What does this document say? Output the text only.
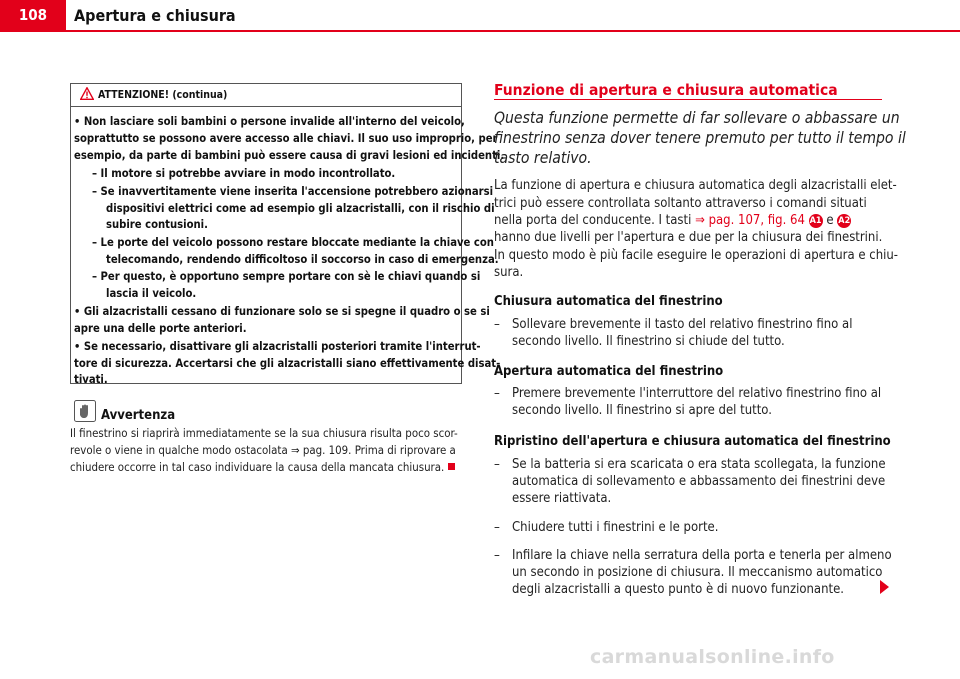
108	Apertura e chiusura
ATTENZIONE! (continua)
• Non lasciare soli bambini o persone invalide all'interno del veicolo,
soprattutto se possono avere accesso alle chiavi. Il suo uso improprio, per
esempio, da parte di bambini può essere causa di gravi lesioni ed incidenti.
– Il motore si potrebbe avviare in modo incontrollato.
– Se inavvertitamente viene inserita l'accensione potrebbero azionarsi
dispositivi elettrici come ad esempio gli alzacristalli, con il rischio di
subire contusioni.
– Le porte del veicolo possono restare bloccate mediante la chiave con
telecomando, rendendo difficoltoso il soccorso in caso di emergenza.
– Per questo, è opportuno sempre portare con sè le chiavi quando si
lascia il veicolo.
• Gli alzacristalli cessano di funzionare solo se si spegne il quadro o se si
apre una delle porte anteriori.
• Se necessario, disattivare gli alzacristalli posteriori tramite l'interrut-
tore di sicurezza. Accertarsi che gli alzacristalli siano effettivamente disat-
tivati.
Avvertenza
Il finestrino si riaprirà immediatamente se la sua chiusura risulta poco scor-
revole o viene in qualche modo ostacolata ⇒ pag. 109. Prima di riprovare a
chiudere occorre in tal caso individuare la causa della mancata chiusura.
Funzione di apertura e chiusura automatica
Questa funzione permette di far sollevare o abbassare un
finestrino senza dover tenere premuto per tutto il tempo il
tasto relativo.
La funzione di apertura e chiusura automatica degli alzacristalli elet-
trici può essere controllata soltanto attraverso i comandi situati
nella porta del conducente. I tasti ⇒ pag. 107, fig. 64 A1 e A2
hanno due livelli per l'apertura e due per la chiusura dei finestrini.
In questo modo è più facile eseguire le operazioni di apertura e chiu-
sura.
Chiusura automatica del finestrino
– Sollevare brevemente il tasto del relativo finestrino fino al
secondo livello. Il finestrino si chiude del tutto.
Apertura automatica del finestrino
– Premere brevemente l'interruttore del relativo finestrino fino al
secondo livello. Il finestrino si apre del tutto.
Ripristino dell'apertura e chiusura automatica del finestrino
– Se la batteria si era scaricata o era stata scollegata, la funzione
automatica di sollevamento e abbassamento dei finestrini deve
essere riattivata.
– Chiudere tutti i finestrini e le porte.
– Infilare la chiave nella serratura della porta e tenerla per almeno
un secondo in posizione di chiusura. Il meccanismo automatico
degli alzacristalli a questo punto è di nuovo funzionante.
carmanualsonline.info
